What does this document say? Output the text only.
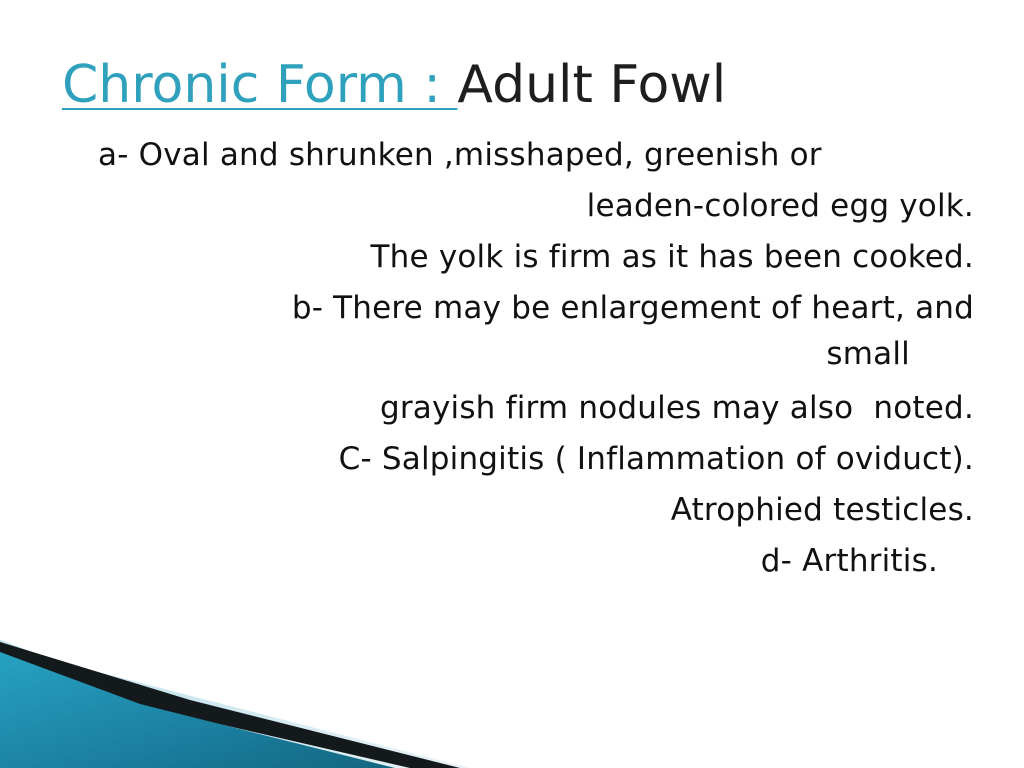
Chronic Form : Adult Fowl
a- Oval and shrunken ,misshaped, greenish or
leaden-colored egg yolk.
The yolk is firm as it has been cooked.
b- There may be enlargement of heart, and
small
grayish firm nodules may also  noted.
C- Salpingitis ( Inflammation of oviduct).
Atrophied testicles.
d- Arthritis.
